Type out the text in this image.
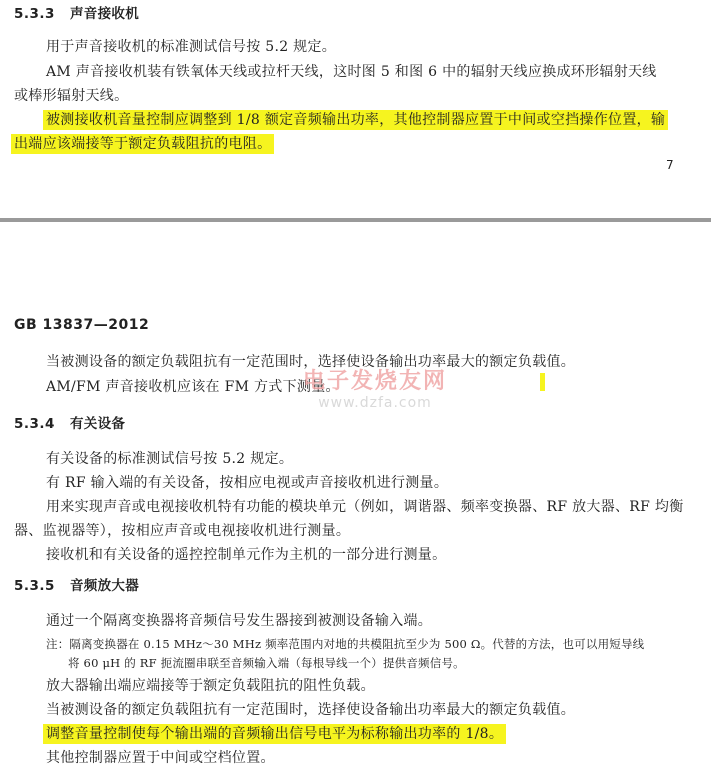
5.3.3 声音接收机
用于声音接收机的标准测试信号按 5.2 规定。
AM 声音接收机装有铁氧体天线或拉杆天线，这时图 5 和图 6 中的辐射天线应换成环形辐射天线
或棒形辐射天线。
被测接收机音量控制应调整到 1/8 额定音频输出功率，其他控制器应置于中间或空挡操作位置，输
出端应该端接等于额定负载阻抗的电阻。
7
GB 13837—2012
当被测设备的额定负载阻抗有一定范围时，选择使设备输出功率最大的额定负载值。
AM/FM 声音接收机应该在 FM 方式下测量。
5.3.4 有关设备
有关设备的标准测试信号按 5.2 规定。
有 RF 输入端的有关设备，按相应电视或声音接收机进行测量。
用来实现声音或电视接收机特有功能的模块单元（例如，调谐器、频率变换器、RF 放大器、RF 均衡
器、监视器等），按相应声音或电视接收机进行测量。
接收机和有关设备的遥控控制单元作为主机的一部分进行测量。
5.3.5 音频放大器
通过一个隔离变换器将音频信号发生器接到被测设备输入端。
注：隔离变换器在 0.15 MHz～30 MHz 频率范围内对地的共模阻抗至少为 500 Ω。代替的方法，也可以用短导线
将 60 μH 的 RF 扼流圈串联至音频输入端（每根导线一个）提供音频信号。
放大器输出端应端接等于额定负载阻抗的阻性负载。
当被测设备的额定负载阻抗有一定范围时，选择使设备输出功率最大的额定负载值。
调整音量控制使每个输出端的音频输出信号电平为标称输出功率的 1/8。
其他控制器应置于中间或空档位置。
电子发烧友网
www.dzfa.com
